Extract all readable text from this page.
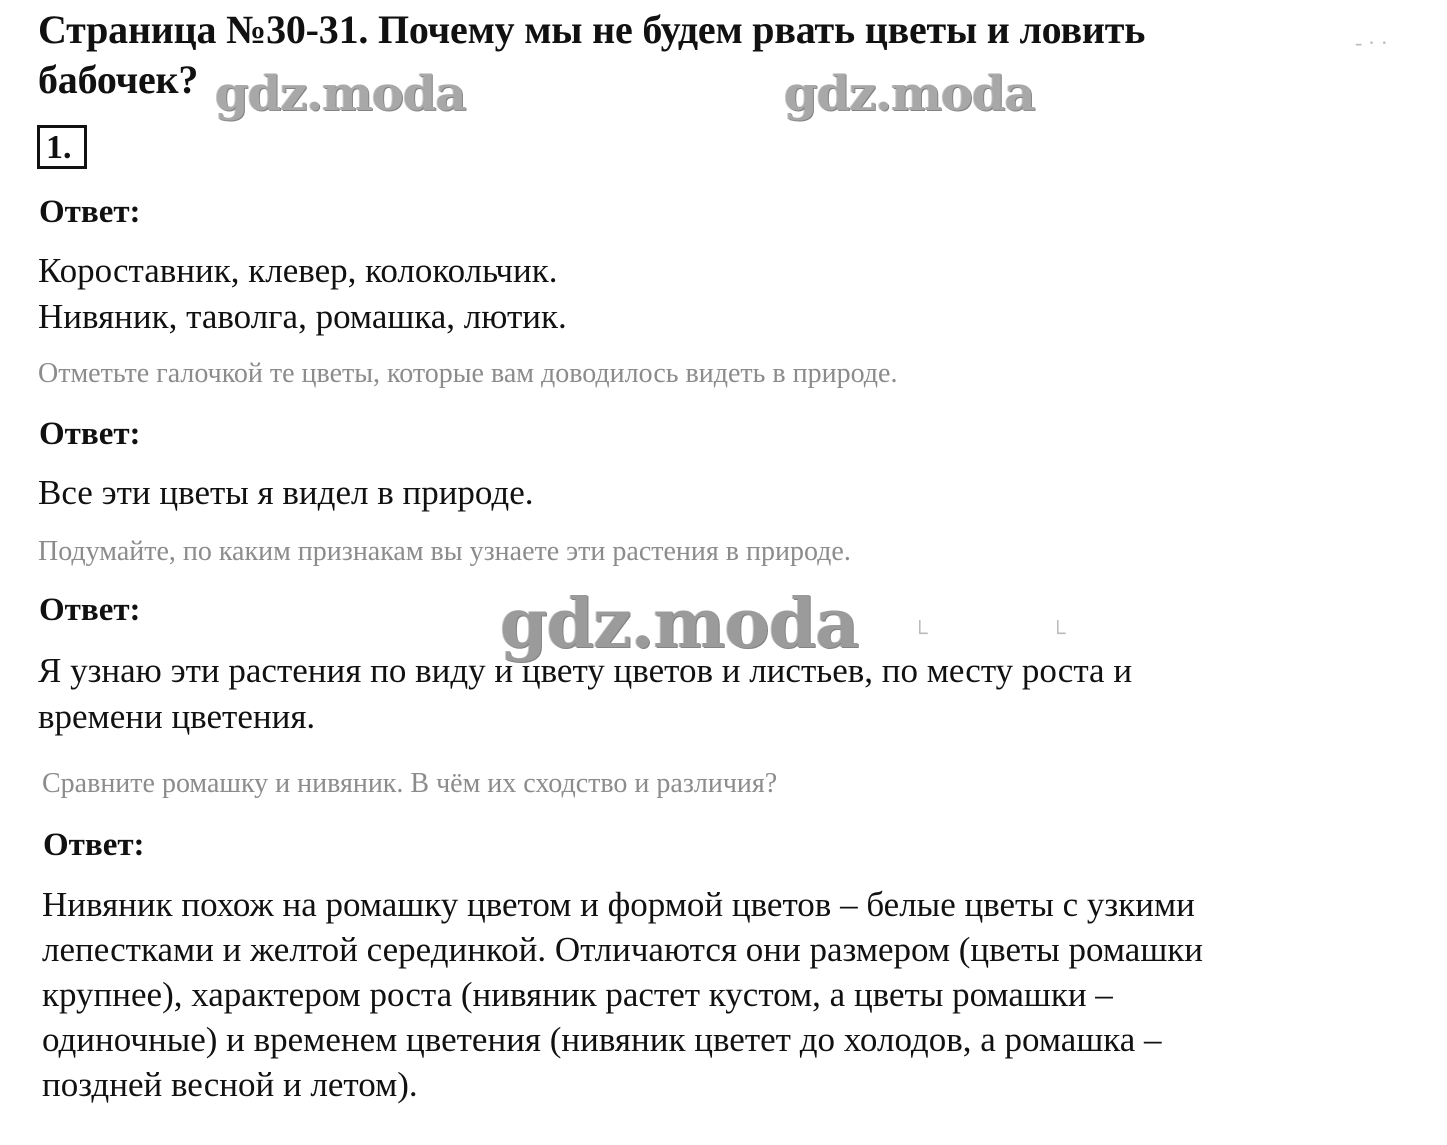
Страница №30-31. Почему мы не будем рвать цветы и ловить
бабочек?
1.
Ответ:
Короставник, клевер, колокольчик.
Нивяник, таволга, ромашка, лютик.
Отметьте галочкой те цветы, которые вам доводилось видеть в природе.
Ответ:
Все эти цветы я видел в природе.
Подумайте, по каким признакам вы узнаете эти растения в природе.
Ответ:
Я узнаю эти растения по виду и цвету цветов и листьев, по месту роста и
времени цветения.
Сравните ромашку и нивяник. В чём их сходство и различия?
Ответ:
Нивяник похож на ромашку цветом и формой цветов – белые цветы с узкими
лепестками и желтой серединкой. Отличаются они размером (цветы ромашки
крупнее), характером роста (нивяник растет кустом, а цветы ромашки –
одиночные) и временем цветения (нивяник цветет до холодов, а ромашка –
поздней весной и летом).
gdz.moda	gdz.moda
gdz.moda
- · ·
└
└
